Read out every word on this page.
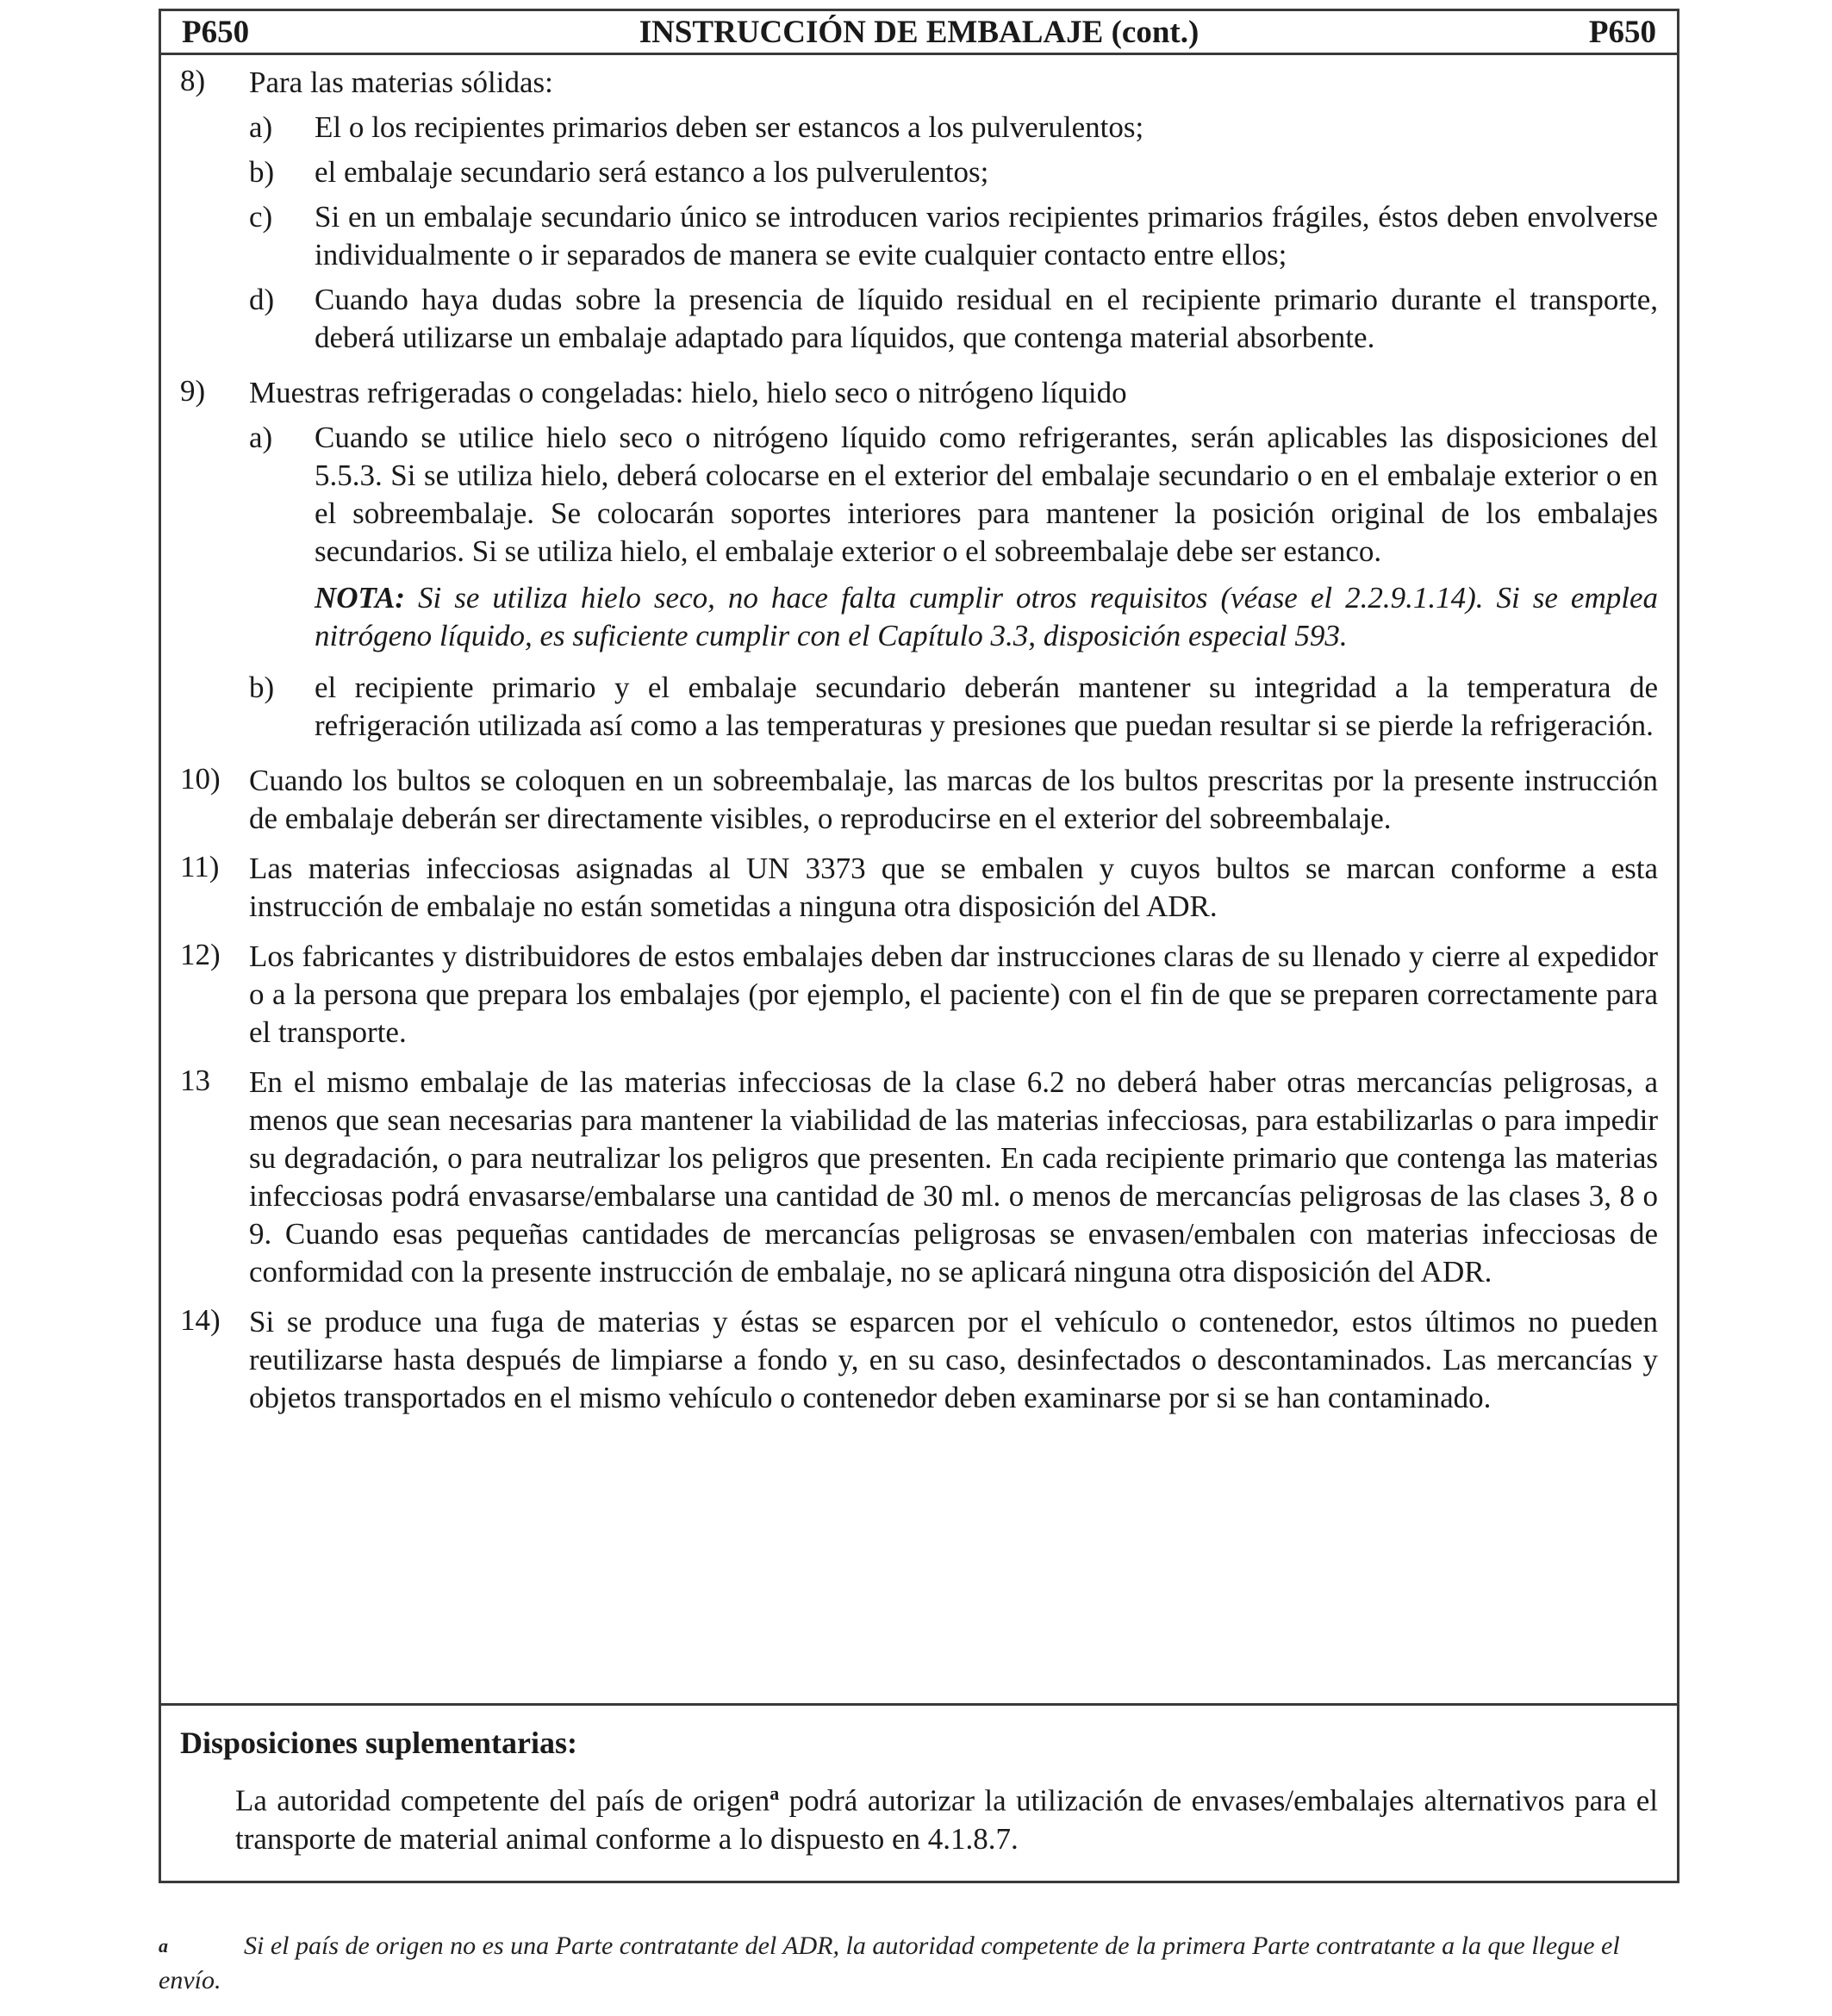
P650	INSTRUCCIÓN DE EMBALAJE (cont.)	P650
8)	Para las materias sólidas:
a)	El o los recipientes primarios deben ser estancos a los pulverulentos;
b)	el embalaje secundario será estanco a los pulverulentos;
c)	Si en un embalaje secundario único se introducen varios recipientes primarios frágiles, éstos deben envolverse individualmente o ir separados de manera se evite cualquier contacto entre ellos;
d)	Cuando haya dudas sobre la presencia de líquido residual en el recipiente primario durante el transporte, deberá utilizarse un embalaje adaptado para líquidos, que contenga material absorbente.
9)	Muestras refrigeradas o congeladas: hielo, hielo seco o nitrógeno líquido
a)	Cuando se utilice hielo seco o nitrógeno líquido como refrigerantes, serán aplicables las disposiciones del 5.5.3. Si se utiliza hielo, deberá colocarse en el exterior del embalaje secundario o en el embalaje exterior o en el sobreembalaje. Se colocarán soportes interiores para mantener la posición original de los embalajes secundarios. Si se utiliza hielo, el embalaje exterior o el sobreembalaje debe ser estanco.
NOTA: Si se utiliza hielo seco, no hace falta cumplir otros requisitos (véase el 2.2.9.1.14). Si se emplea nitrógeno líquido, es suficiente cumplir con el Capítulo 3.3, disposición especial 593.
b)	el recipiente primario y el embalaje secundario deberán mantener su integridad a la temperatura de refrigeración utilizada así como a las temperaturas y presiones que puedan resultar si se pierde la refrigeración.
10) Cuando los bultos se coloquen en un sobreembalaje, las marcas de los bultos prescritas por la presente instrucción de embalaje deberán ser directamente visibles, o reproducirse en el exterior del sobreembalaje.
11) Las materias infecciosas asignadas al UN 3373 que se embalen y cuyos bultos se marcan conforme a esta instrucción de embalaje no están sometidas a ninguna otra disposición del ADR.
12) Los fabricantes y distribuidores de estos embalajes deben dar instrucciones claras de su llenado y cierre al expedidor o a la persona que prepara los embalajes (por ejemplo, el paciente) con el fin de que se preparen correctamente para el transporte.
13	En el mismo embalaje de las materias infecciosas de la clase 6.2 no deberá haber otras mercancías peligrosas, a menos que sean necesarias para mantener la viabilidad de las materias infecciosas, para estabilizarlas o para impedir su degradación, o para neutralizar los peligros que presenten. En cada recipiente primario que contenga las materias infecciosas podrá envasarse/embalarse una cantidad de 30 ml. o menos de mercancías peligrosas de las clases 3, 8 o 9. Cuando esas pequeñas cantidades de mercancías peligrosas se envasen/embalen con materias infecciosas de conformidad con la presente instrucción de embalaje, no se aplicará ninguna otra disposición del ADR.
14) Si se produce una fuga de materias y éstas se esparcen por el vehículo o contenedor, estos últimos no pueden reutilizarse hasta después de limpiarse a fondo y, en su caso, desinfectados o descontaminados. Las mercancías y objetos transportados en el mismo vehículo o contenedor deben examinarse por si se han contaminado.
Disposiciones suplementarias:
La autoridad competente del país de origen$^a$ podrá autorizar la utilización de envases/embalajes alternativos para el transporte de material animal conforme a lo dispuesto en 4.1.8.7.
$^a$	Si el país de origen no es una Parte contratante del ADR, la autoridad competente de la primera Parte contratante a la que llegue el envío.
